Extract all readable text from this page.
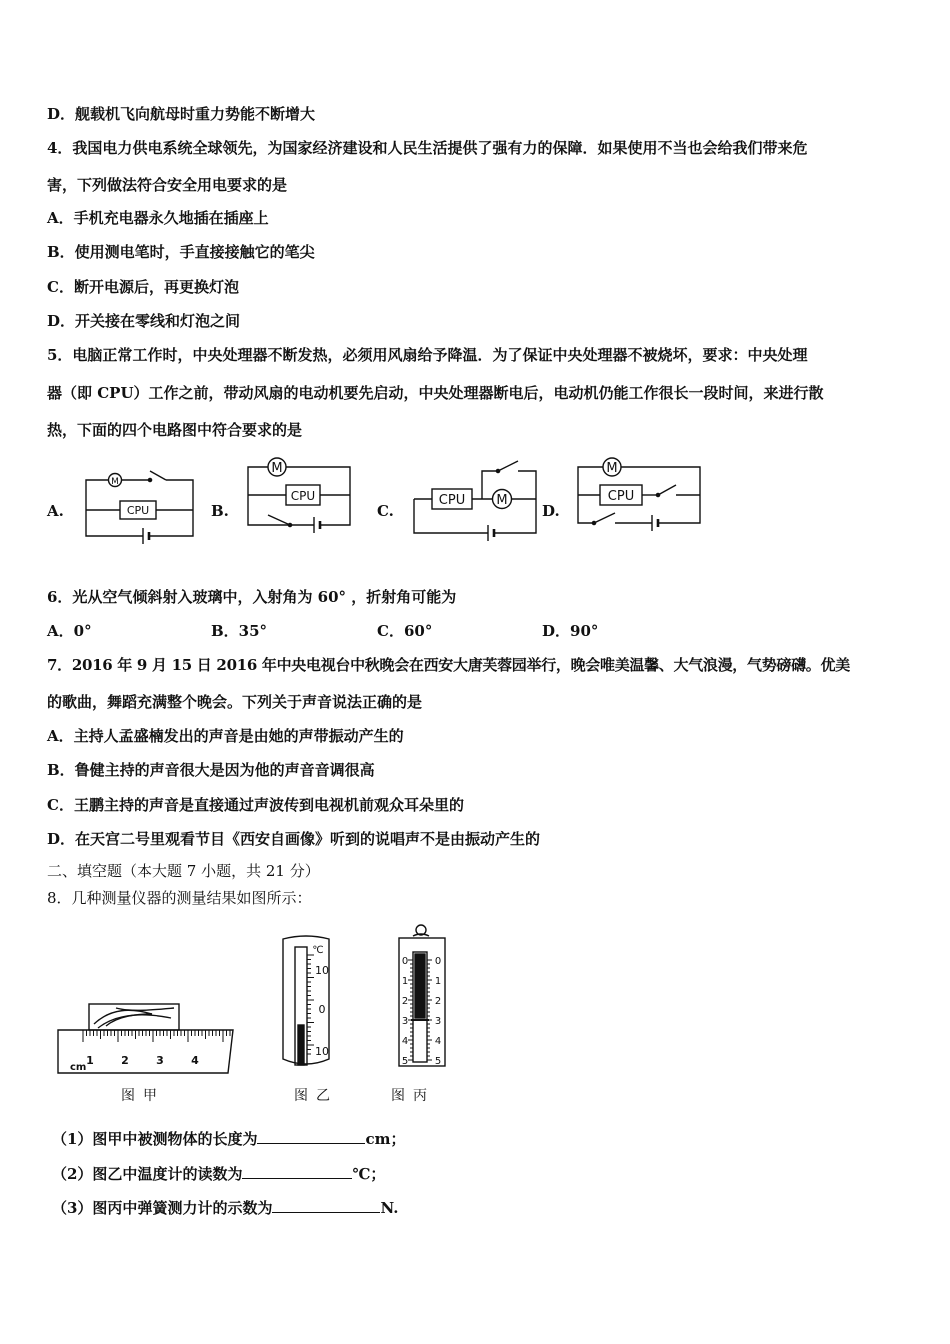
D．舰载机飞向航母时重力势能不断增大
4．我国电力供电系统全球领先，为国家经济建设和人民生活提供了强有力的保障．如果使用不当也会给我们带来危
害，下列做法符合安全用电要求的是
A．手机充电器永久地插在插座上
B．使用测电笔时，手直接接触它的笔尖
C．断开电源后，再更换灯泡
D．开关接在零线和灯泡之间
5．电脑正常工作时，中央处理器不断发热，必须用风扇给予降温．为了保证中央处理器不被烧坏，要求：中央处理
器（即 CPU）工作之前，带动风扇的电动机要先启动，中央处理器断电后，电动机仍能工作很长一段时间，来进行散
热，下面的四个电路图中符合要求的是
A.	B.	C.	D.
M
CPU
M
CPU	CPU M
M
CPU
6．光从空气倾斜射入玻璃中，入射角为 60° ，折射角可能为
A．0°	B．35°	C．60°	D．90°
7．2016 年 9 月 15 日 2016 年中央电视台中秋晚会在西安大唐芙蓉园举行，晚会唯美温馨、大气浪漫，气势磅礴。优美
的歌曲，舞蹈充满整个晚会。下列关于声音说法正确的是
A．主持人孟盛楠发出的声音是由她的声带振动产生的
B．鲁健主持的声音很大是因为他的声音音调很高
C．王鹏主持的声音是直接通过声波传到电视机前观众耳朵里的
D．在天宫二号里观看节目《西安自画像》听到的说唱声不是由振动产生的
二、填空题（本大题 7 小题，共 21 分）
8．几种测量仪器的测量结果如图所示：
cm
1 2 3 4
℃
10
0
10
0
1
2
3
4
5
0
1
2
3
4
5
图甲	图乙	图丙
（1）图甲中被测物体的长度为	cm；
（2）图乙中温度计的读数为	℃；
（3）图丙中弹簧测力计的示数为	N.
